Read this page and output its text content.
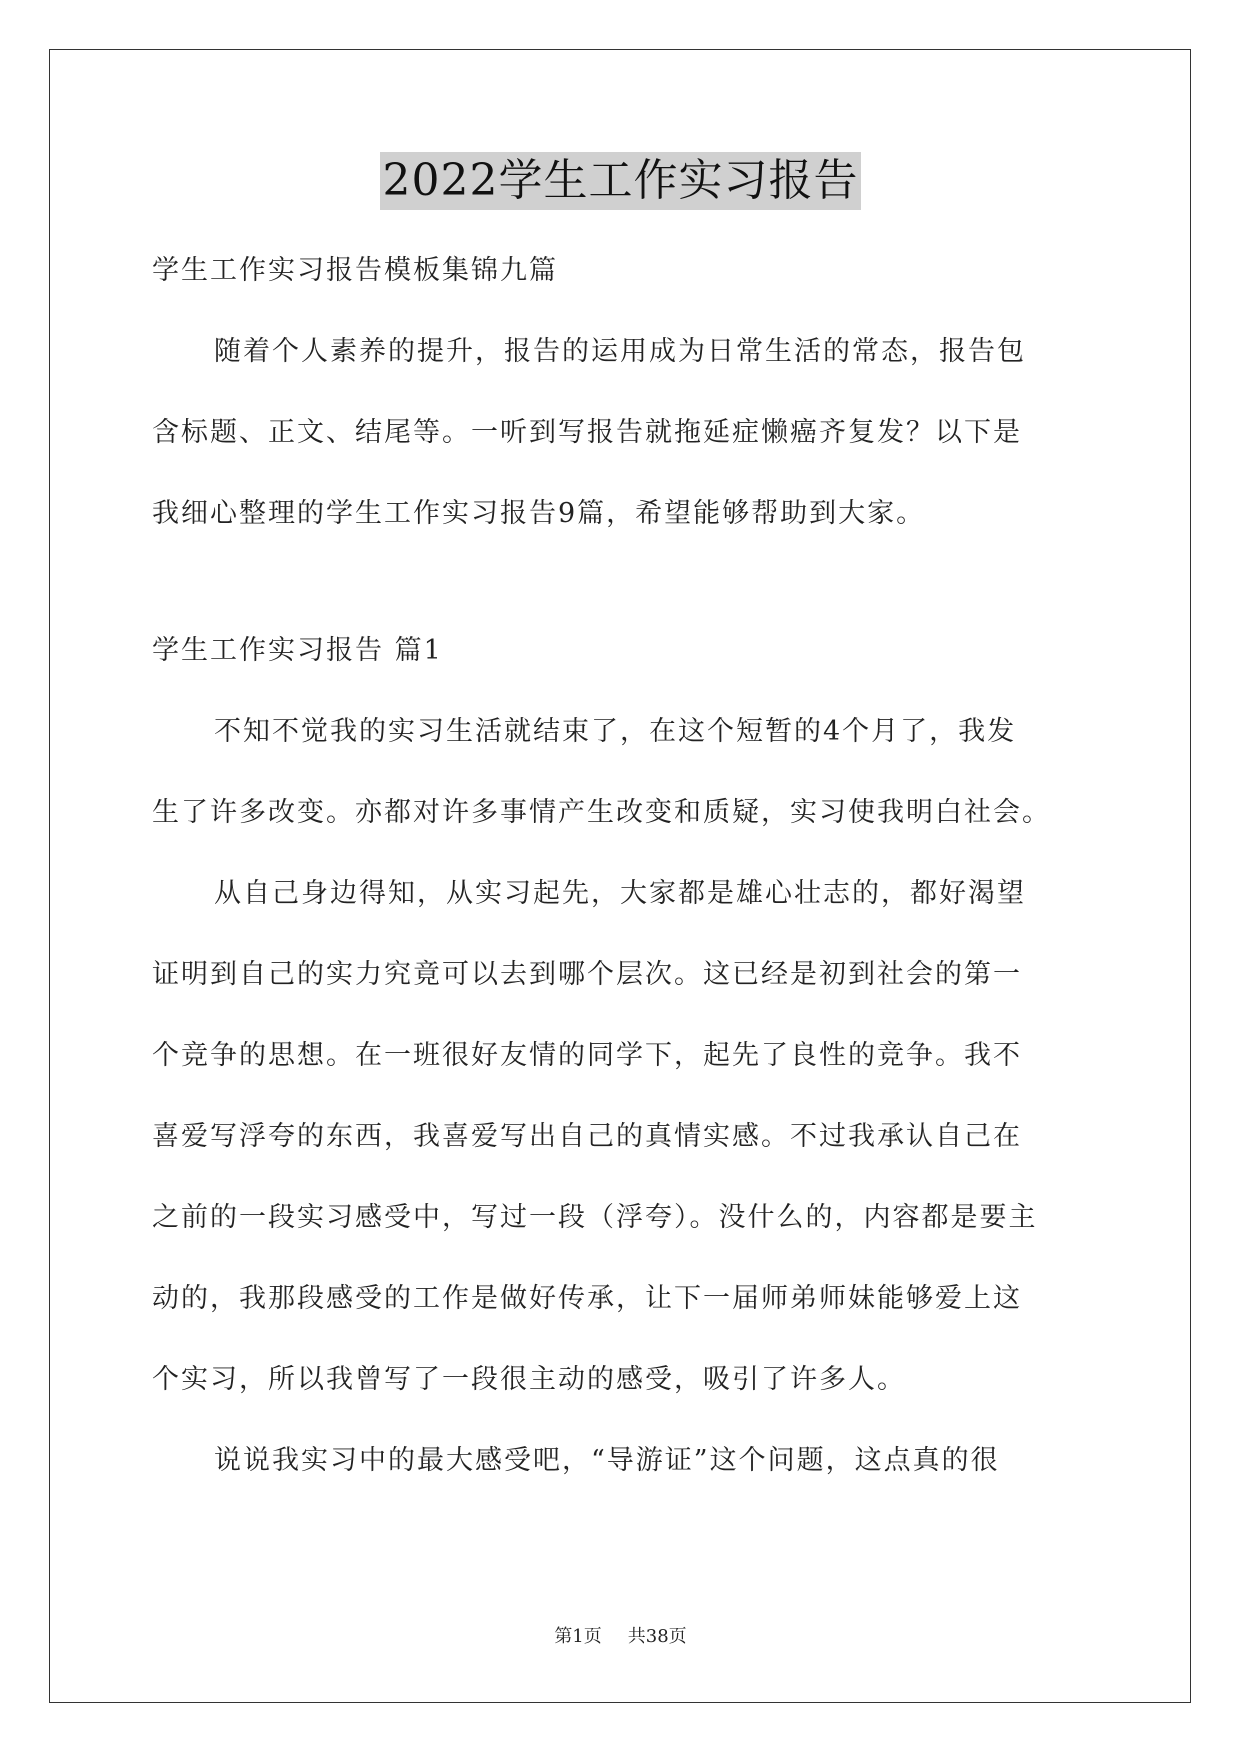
2022学生工作实习报告
学生工作实习报告模板集锦九篇
随着个人素养的提升，报告的运用成为日常生活的常态，报告包
含标题、正文、结尾等。一听到写报告就拖延症懒癌齐复发？以下是
我细心整理的学生工作实习报告9篇，希望能够帮助到大家。
学生工作实习报告 篇1
不知不觉我的实习生活就结束了，在这个短暂的4个月了，我发
生了许多改变。亦都对许多事情产生改变和质疑，实习使我明白社会。
从自己身边得知，从实习起先，大家都是雄心壮志的，都好渴望
证明到自己的实力究竟可以去到哪个层次。这已经是初到社会的第一
个竞争的思想。在一班很好友情的同学下，起先了良性的竞争。我不
喜爱写浮夸的东西，我喜爱写出自己的真情实感。不过我承认自己在
之前的一段实习感受中，写过一段（浮夸）。没什么的，内容都是要主
动的，我那段感受的工作是做好传承，让下一届师弟师妹能够爱上这
个实习，所以我曾写了一段很主动的感受，吸引了许多人。
说说我实习中的最大感受吧，“导游证”这个问题，这点真的很
第1页 共38页
